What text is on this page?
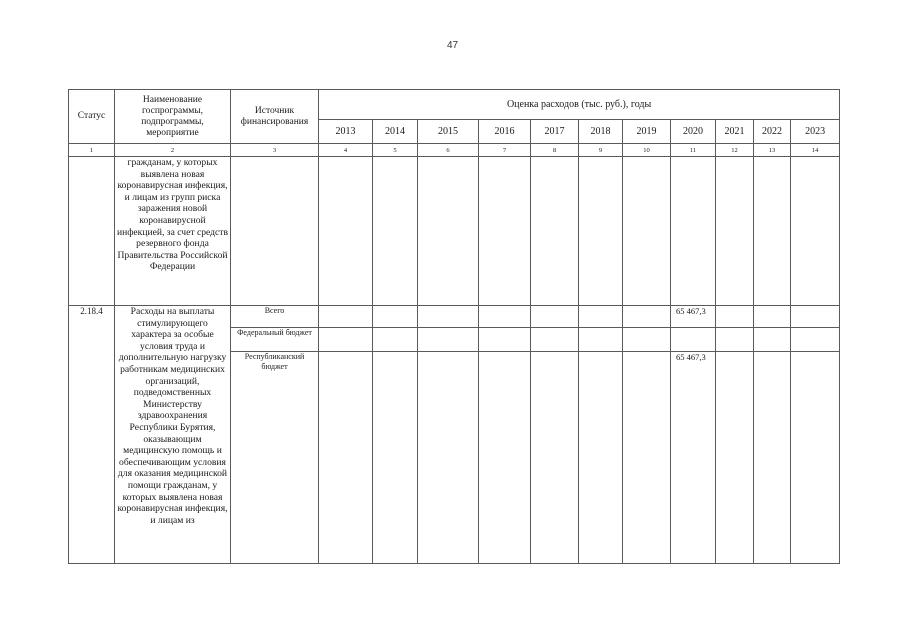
47
Статус	Наименование госпрограммы, подпрограммы, мероприятие	Источник финансирования	Оценка расходов (тыс. руб.), годы										
			2013	2014	2015	2016	2017	2018	2019	2020	2021	2022	2023
1	2	3	4	5	6	7	8	9	10	11	12	13	14
	гражданам, у которых выявлена новая коронавирусная инфекция, и лицам из групп риска заражения новой коронавирусной инфекцией, за счет средств резервного фонда Правительства Российской Федерации												
2.18.4	Расходы на выплаты стимулирующего характера за особые условия труда и дополнительную нагрузку работникам медицинских организаций, подведомственных Министерству здравоохранения Республики Бурятия, оказывающим медицинскую помощь и обеспечивающим условия для оказания медицинской помощи гражданам, у которых выявлена новая коронавирусная инфекция, и лицам из	Всего								65 467,3			
		Федеральный бюджет											
		Республиканский бюджет								65 467,3			
